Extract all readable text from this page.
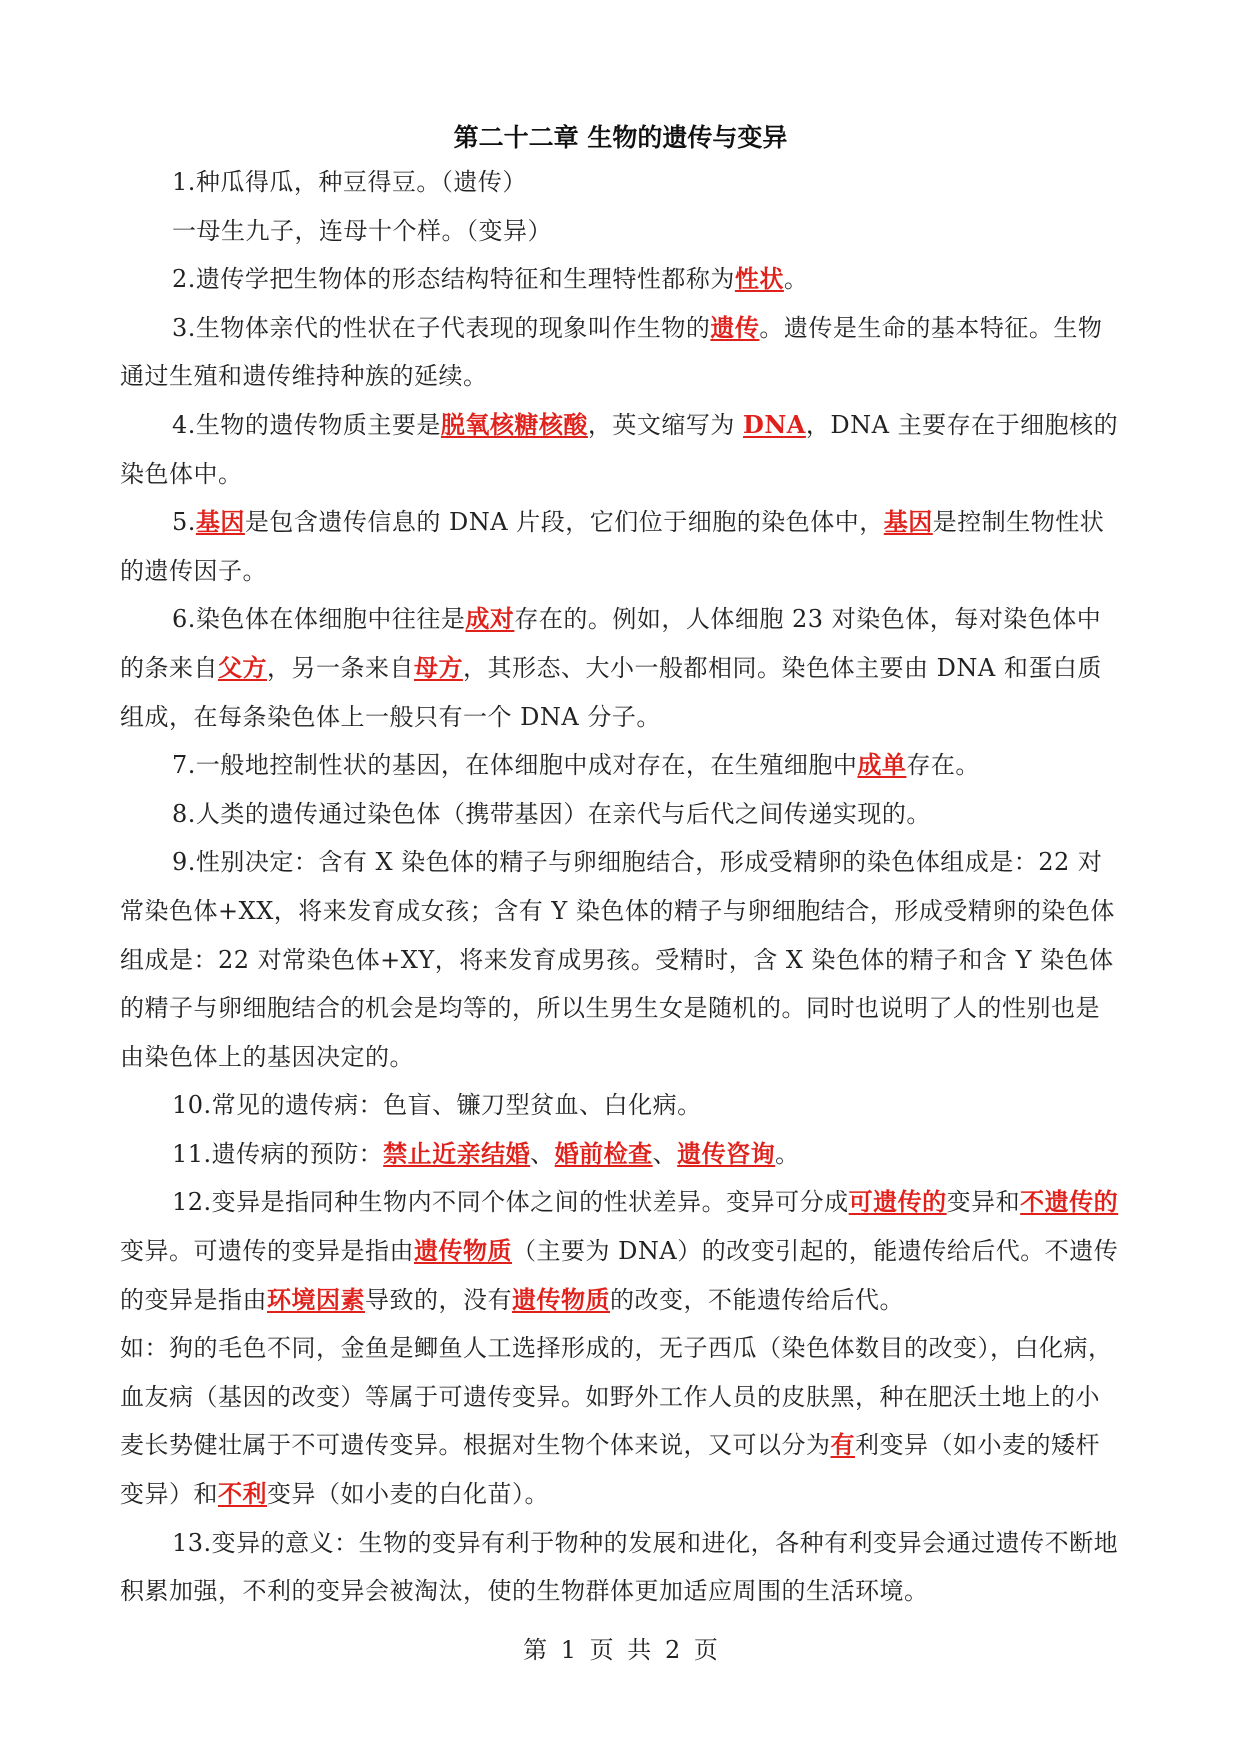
第二十二章 生物的遗传与变异

1.种瓜得瓜，种豆得豆。（遗传）

一母生九子，连母十个样。（变异）

2.遗传学把生物体的形态结构特征和生理特性都称为性状。

3.生物体亲代的性状在子代表现的现象叫作生物的遗传。遗传是生命的基本特征。生物通过生殖和遗传维持种族的延续。

4.生物的遗传物质主要是脱氧核糖核酸，英文缩写为 DNA，DNA 主要存在于细胞核的染色体中。

5.基因是包含遗传信息的 DNA 片段，它们位于细胞的染色体中，基因是控制生物性状的遗传因子。

6.染色体在体细胞中往往是成对存在的。例如，人体细胞 23 对染色体，每对染色体中的条来自父方，另一条来自母方，其形态、大小一般都相同。染色体主要由 DNA 和蛋白质组成，在每条染色体上一般只有一个 DNA 分子。

7.一般地控制性状的基因，在体细胞中成对存在，在生殖细胞中成单存在。

8.人类的遗传通过染色体（携带基因）在亲代与后代之间传递实现的。

9.性别决定：含有 X 染色体的精子与卵细胞结合，形成受精卵的染色体组成是：22 对常染色体+XX，将来发育成女孩；含有 Y 染色体的精子与卵细胞结合，形成受精卵的染色体组成是：22 对常染色体+XY，将来发育成男孩。受精时，含 X 染色体的精子和含 Y 染色体的精子与卵细胞结合的机会是均等的，所以生男生女是随机的。同时也说明了人的性别也是由染色体上的基因决定的。

10.常见的遗传病：色盲、镰刀型贫血、白化病。

11.遗传病的预防：禁止近亲结婚、婚前检查、遗传咨询。

12.变异是指同种生物内不同个体之间的性状差异。变异可分成可遗传的变异和不遗传的变异。可遗传的变异是指由遗传物质（主要为 DNA）的改变引起的，能遗传给后代。不遗传的变异是指由环境因素导致的，没有遗传物质的改变，不能遗传给后代。

如：狗的毛色不同，金鱼是鲫鱼人工选择形成的，无子西瓜（染色体数目的改变），白化病，血友病（基因的改变）等属于可遗传变异。如野外工作人员的皮肤黑，种在肥沃土地上的小麦长势健壮属于不可遗传变异。根据对生物个体来说，又可以分为有利变异（如小麦的矮杆变异）和不利变异（如小麦的白化苗）。

13.变异的意义：生物的变异有利于物种的发展和进化，各种有利变异会通过遗传不断地积累加强，不利的变异会被淘汰，使的生物群体更加适应周围的生活环境。

第 1 页 共 2 页
